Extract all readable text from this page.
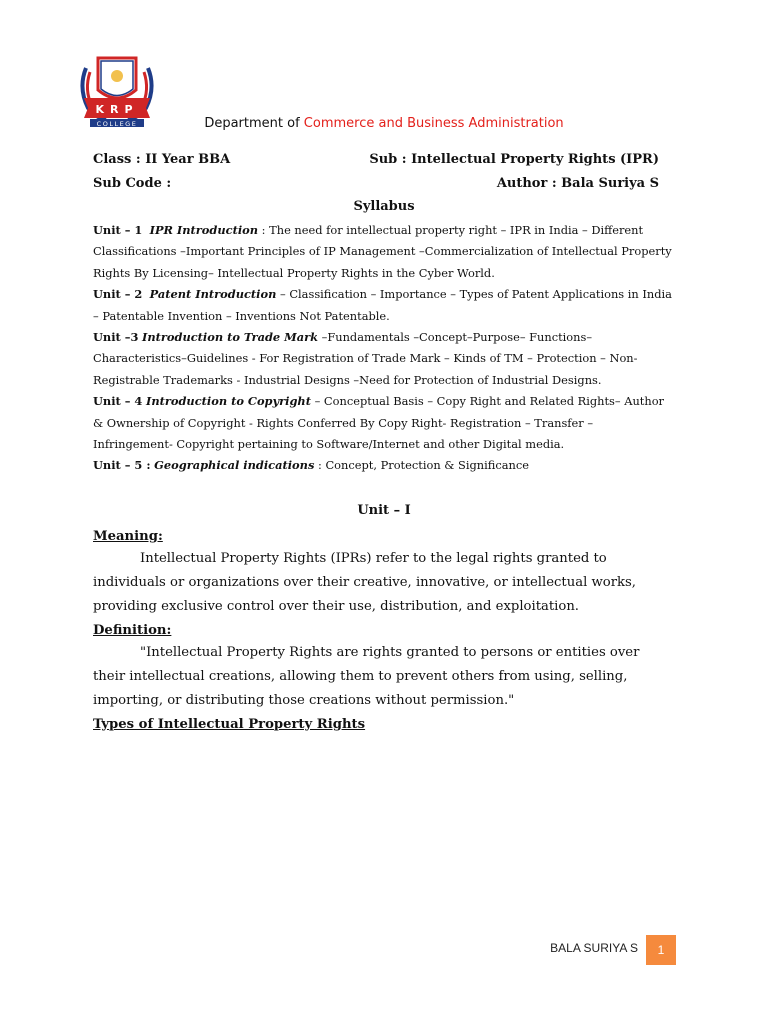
KRP
COLLEGE	Department of Commerce and Business Administration
Class : II Year BBA	Sub : Intellectual Property Rights (IPR)
Sub Code :	Author : Bala Suriya S
Syllabus

Unit – 1 IPR Introduction : The need for intellectual property right – IPR in India – Different Classifications –Important Principles of IP Management –Commercialization of Intellectual Property Rights By Licensing– Intellectual Property Rights in the Cyber World.

Unit – 2 Patent Introduction – Classification – Importance – Types of Patent Applications in India – Patentable Invention – Inventions Not Patentable.

Unit –3 Introduction to Trade Mark –Fundamentals –Concept–Purpose– Functions– Characteristics–Guidelines - For Registration of Trade Mark – Kinds of TM – Protection – Non-Registrable Trademarks - Industrial Designs –Need for Protection of Industrial Designs.

Unit – 4 Introduction to Copyright – Conceptual Basis – Copy Right and Related Rights– Author & Ownership of Copyright - Rights Conferred By Copy Right- Registration – Transfer – Infringement- Copyright pertaining to Software/Internet and other Digital media.

Unit – 5 : Geographical indications : Concept, Protection & Significance

Unit – I
Meaning:

Intellectual Property Rights (IPRs) refer to the legal rights granted to individuals or organizations over their creative, innovative, or intellectual works, providing exclusive control over their use, distribution, and exploitation.

Definition:

"Intellectual Property Rights are rights granted to persons or entities over their intellectual creations, allowing them to prevent others from using, selling, importing, or distributing those creations without permission."

Types of Intellectual Property Rights
BALA SURIYA S	1
